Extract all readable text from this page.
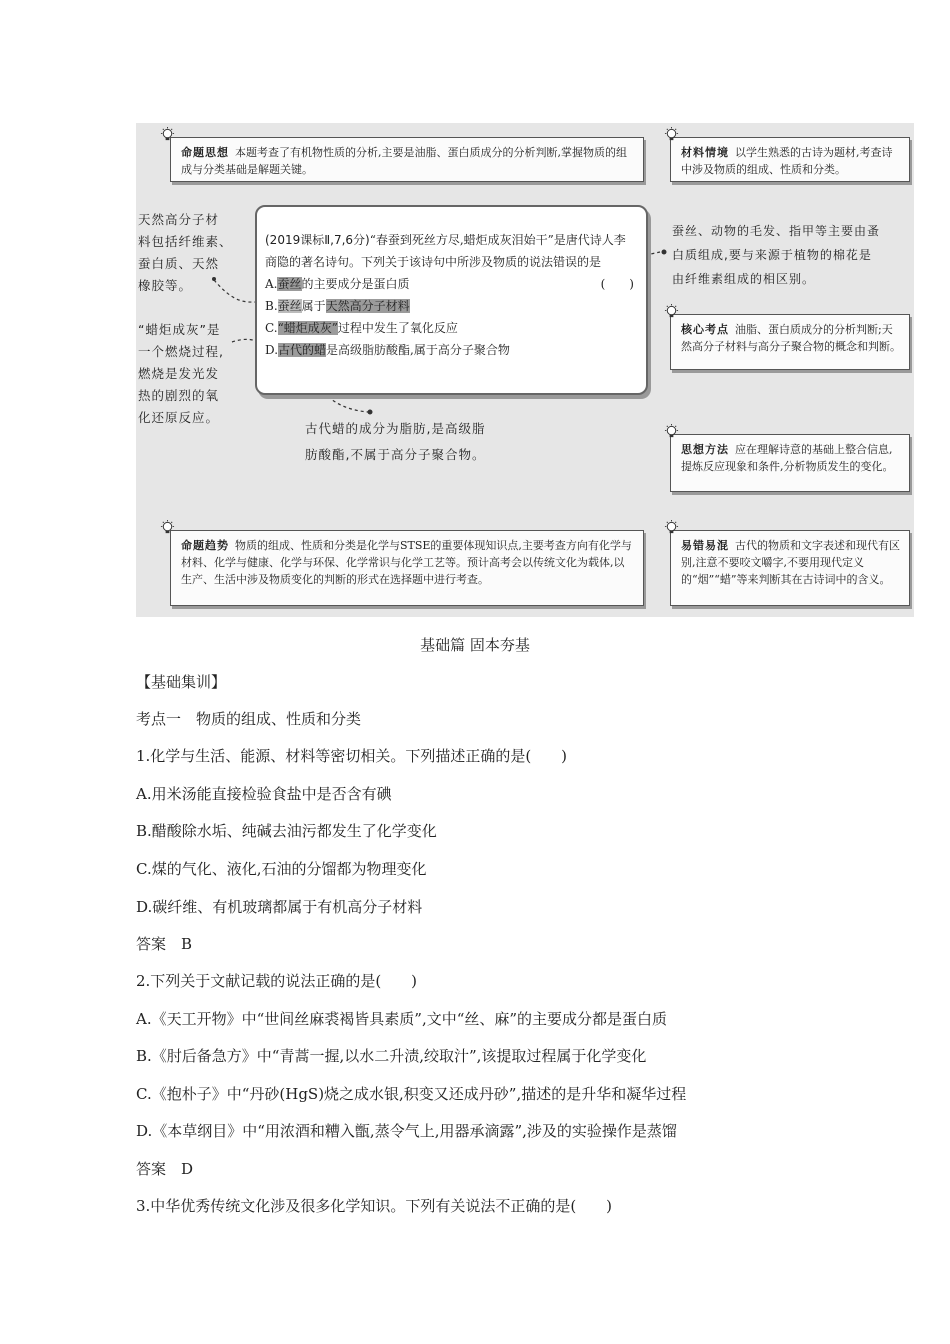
命题思想 本题考查了有机物性质的分析,主要是油脂、蛋白质成分的分析判断,掌握物质的组成与分类基础是解题关键。
材料情境 以学生熟悉的古诗为题材,考查诗中涉及物质的组成、性质和分类。
天然高分子材
料包括纤维素、
蚕白质、天然
橡胶等。
“蜡炬成灰”是
一个燃烧过程,
燃烧是发光发
热的剧烈的氧
化还原反应。
(2019课标Ⅱ,7,6分)“春蚕到死丝方尽,蜡炬成灰泪始干”是唐代诗人李商隐的著名诗句。下列关于该诗句中所涉及物质的说法错误的是
(　　)
A.蚕丝的主要成分是蛋白质
B.蚕丝属于天然高分子材料
C.“蜡炬成灰”过程中发生了氧化反应
D.古代的蜡是高级脂肪酸酯,属于高分子聚合物
蚕丝、动物的毛发、指甲等主要由蚤
白质组成,要与来源于植物的棉花是
由纤维素组成的相区别。
核心考点 油脂、蛋白质成分的分析判断;天然高分子材料与高分子聚合物的概念和判断。
古代蜡的成分为脂肪,是高级脂
肪酸酯,不属于高分子聚合物。	思想方法 应在理解诗意的基础上整合信息,提炼反应现象和条件,分析物质发生的变化。
命题趋势 物质的组成、性质和分类是化学与STSE的重要体现知识点,主要考查方向有化学与材料、化学与健康、化学与环保、化学常识与化学工艺等。预计高考会以传统文化为载体,以生产、生活中涉及物质变化的判断的形式在选择题中进行考查。
易错易混 古代的物质和文字表述和现代有区别,注意不要咬文嚼字,不要用现代定义的“烟”“蜡”等来判断其在古诗词中的含义。
基础篇 固本夯基
【基础集训】
考点一　物质的组成、性质和分类
1.化学与生活、能源、材料等密切相关。下列描述正确的是(　　)
A.用米汤能直接检验食盐中是否含有碘
B.醋酸除水垢、纯碱去油污都发生了化学变化
C.煤的气化、液化,石油的分馏都为物理变化
D.碳纤维、有机玻璃都属于有机高分子材料
答案　B
2.下列关于文献记载的说法正确的是(　　)
A.《天工开物》中“世间丝麻裘褐皆具素质”,文中“丝、麻”的主要成分都是蛋白质
B.《肘后备急方》中“青蒿一握,以水二升渍,绞取汁”,该提取过程属于化学变化
C.《抱朴子》中“丹砂(HgS)烧之成水银,积变又还成丹砂”,描述的是升华和凝华过程
D.《本草纲目》中“用浓酒和糟入甑,蒸令气上,用器承滴露”,涉及的实验操作是蒸馏
答案　D
3.中华优秀传统文化涉及很多化学知识。下列有关说法不正确的是(　　)
